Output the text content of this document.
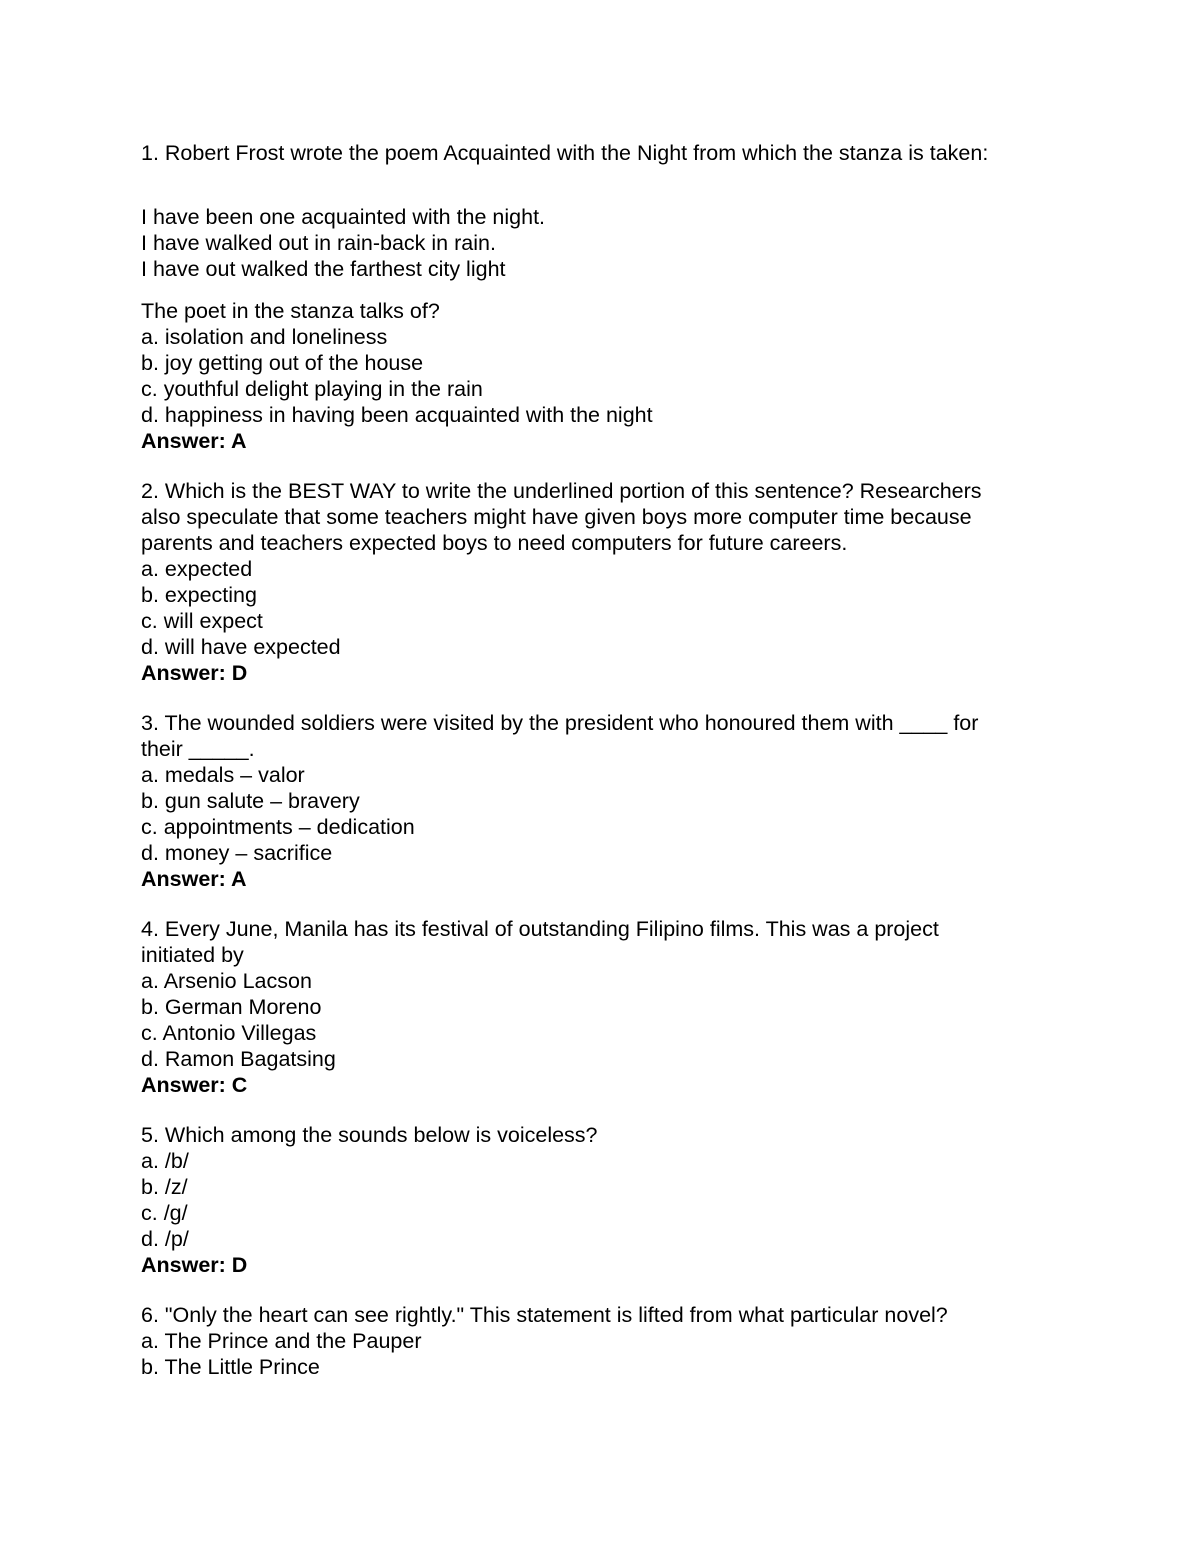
1. Robert Frost wrote the poem Acquainted with the Night from which the stanza is taken:
I have been one acquainted with the night.
I have walked out in rain-back in rain.
I have out walked the farthest city light
The poet in the stanza talks of?
a. isolation and loneliness
b. joy getting out of the house
c. youthful delight playing in the rain
d. happiness in having been acquainted with the night
Answer: A
2. Which is the BEST WAY to write the underlined portion of this sentence? Researchers
also speculate that some teachers might have given boys more computer time because
parents and teachers expected boys to need computers for future careers.
a. expected
b. expecting
c. will expect
d. will have expected
Answer: D
3. The wounded soldiers were visited by the president who honoured them with ____ for
their _____.
a. medals – valor
b. gun salute – bravery
c. appointments – dedication
d. money – sacrifice
Answer: A
4. Every June, Manila has its festival of outstanding Filipino films. This was a project
initiated by
a. Arsenio Lacson
b. German Moreno
c. Antonio Villegas
d. Ramon Bagatsing
Answer: C
5. Which among the sounds below is voiceless?
a. /b/
b. /z/
c. /g/
d. /p/
Answer: D
6. "Only the heart can see rightly." This statement is lifted from what particular novel?
a. The Prince and the Pauper
b. The Little Prince
